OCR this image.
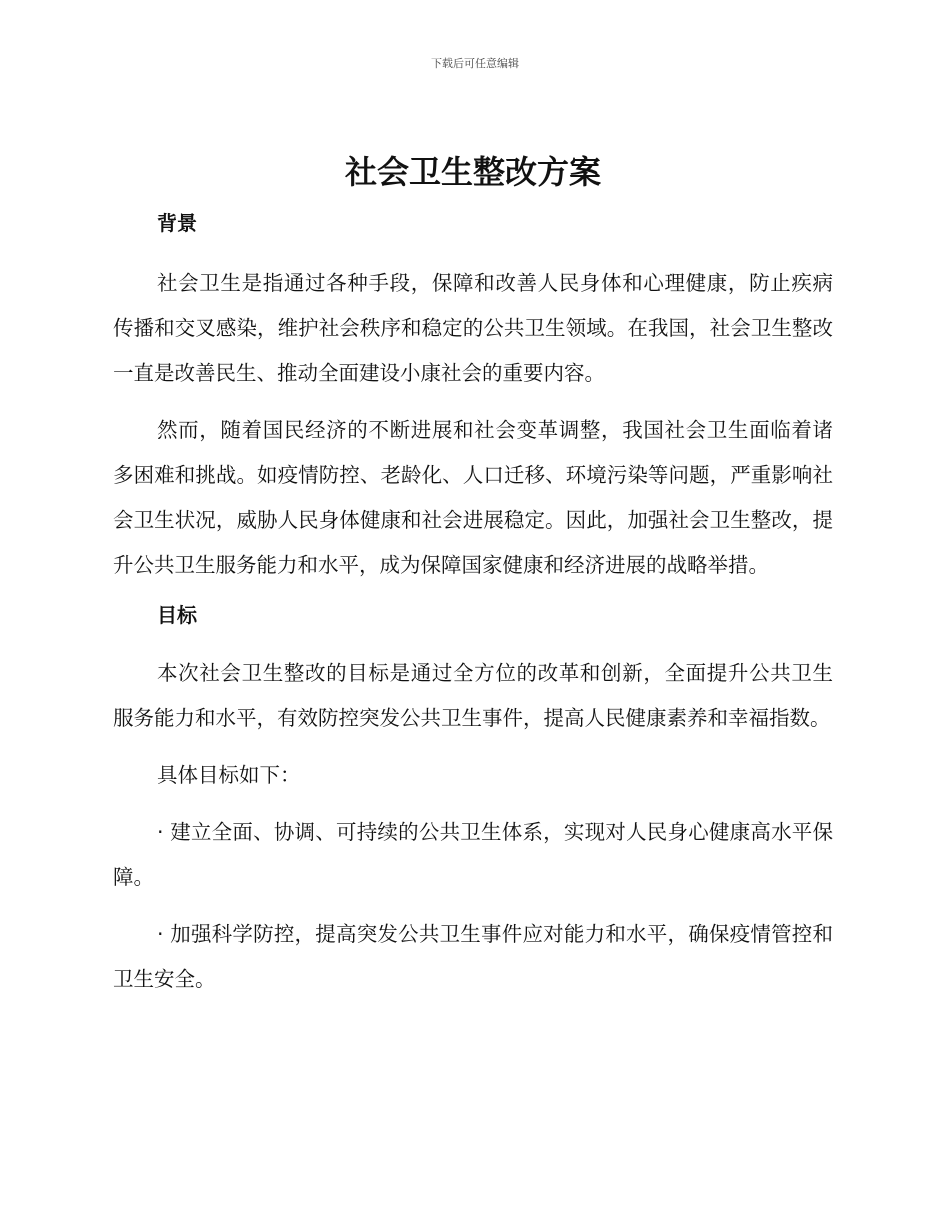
下载后可任意编辑
社会卫生整改方案
背景

社会卫生是指通过各种手段，保障和改善人民身体和心理健康，防止疾病传播和交叉感染，维护社会秩序和稳定的公共卫生领域。在我国，社会卫生整改一直是改善民生、推动全面建设小康社会的重要内容。

然而，随着国民经济的不断进展和社会变革调整，我国社会卫生面临着诸多困难和挑战。如疫情防控、老龄化、人口迁移、环境污染等问题，严重影响社会卫生状况，威胁人民身体健康和社会进展稳定。因此，加强社会卫生整改，提升公共卫生服务能力和水平，成为保障国家健康和经济进展的战略举措。

目标

本次社会卫生整改的目标是通过全方位的改革和创新，全面提升公共卫生服务能力和水平，有效防控突发公共卫生事件，提高人民健康素养和幸福指数。

具体目标如下：

· 建立全面、协调、可持续的公共卫生体系，实现对人民身心健康高水平保障。

· 加强科学防控，提高突发公共卫生事件应对能力和水平，确保疫情管控和卫生安全。
